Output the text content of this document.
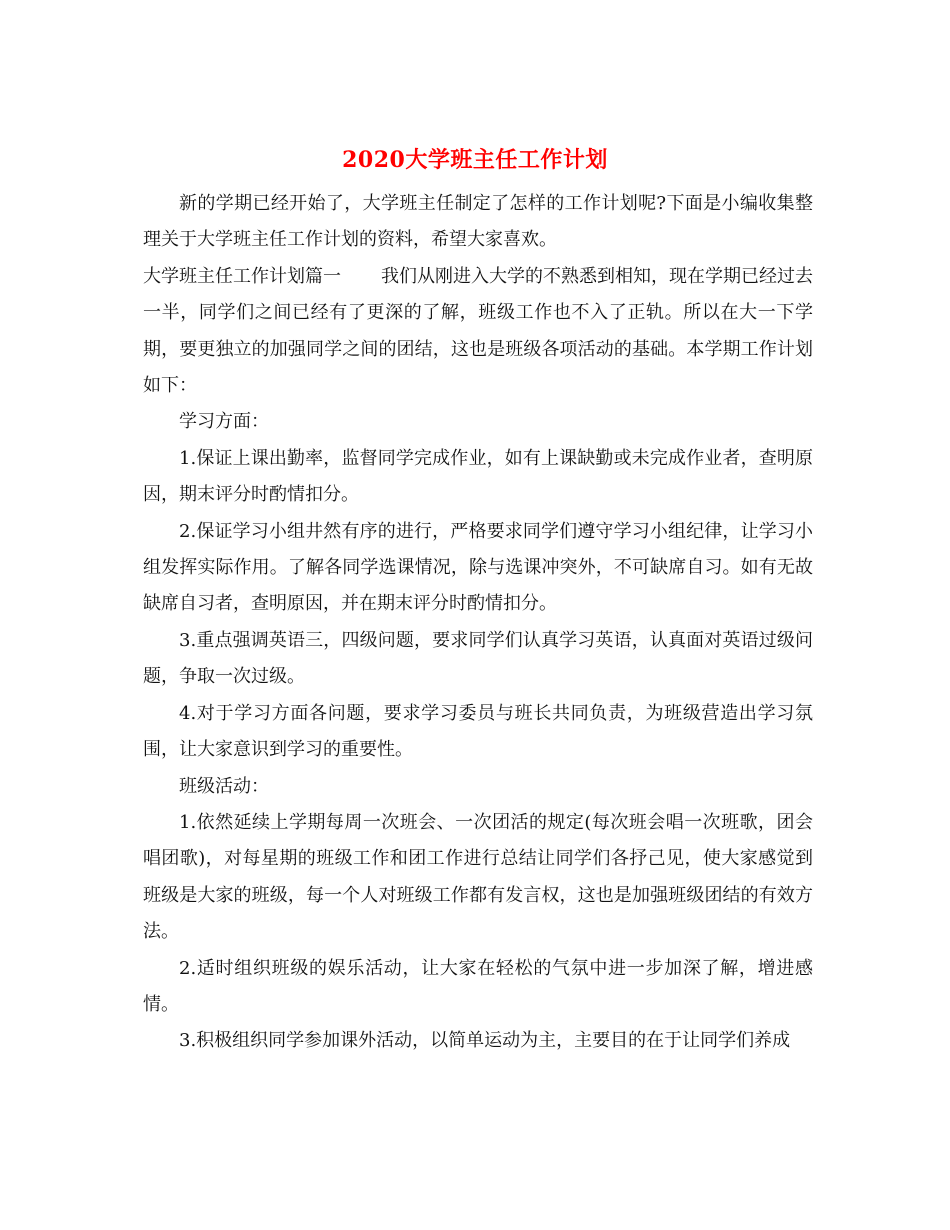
2020大学班主任工作计划

新的学期已经开始了，大学班主任制定了怎样的工作计划呢?下面是小编收集整理关于大学班主任工作计划的资料，希望大家喜欢。

大学班主任工作计划篇一 我们从刚进入大学的不熟悉到相知，现在学期已经过去一半，同学们之间已经有了更深的了解，班级工作也不入了正轨。所以在大一下学期，要更独立的加强同学之间的团结，这也是班级各项活动的基础。本学期工作计划如下：

学习方面：

1.保证上课出勤率，监督同学完成作业，如有上课缺勤或未完成作业者，查明原因，期末评分时酌情扣分。

2.保证学习小组井然有序的进行，严格要求同学们遵守学习小组纪律，让学习小组发挥实际作用。了解各同学选课情况，除与选课冲突外，不可缺席自习。如有无故缺席自习者，查明原因，并在期末评分时酌情扣分。

3.重点强调英语三，四级问题，要求同学们认真学习英语，认真面对英语过级问题，争取一次过级。

4.对于学习方面各问题，要求学习委员与班长共同负责，为班级营造出学习氛围，让大家意识到学习的重要性。

班级活动：

1.依然延续上学期每周一次班会、一次团活的规定(每次班会唱一次班歌，团会唱团歌)，对每星期的班级工作和团工作进行总结让同学们各抒己见，使大家感觉到班级是大家的班级，每一个人对班级工作都有发言权，这也是加强班级团结的有效方法。

2.适时组织班级的娱乐活动，让大家在轻松的气氛中进一步加深了解，增进感情。

3.积极组织同学参加课外活动，以简单运动为主，主要目的在于让同学们养成
